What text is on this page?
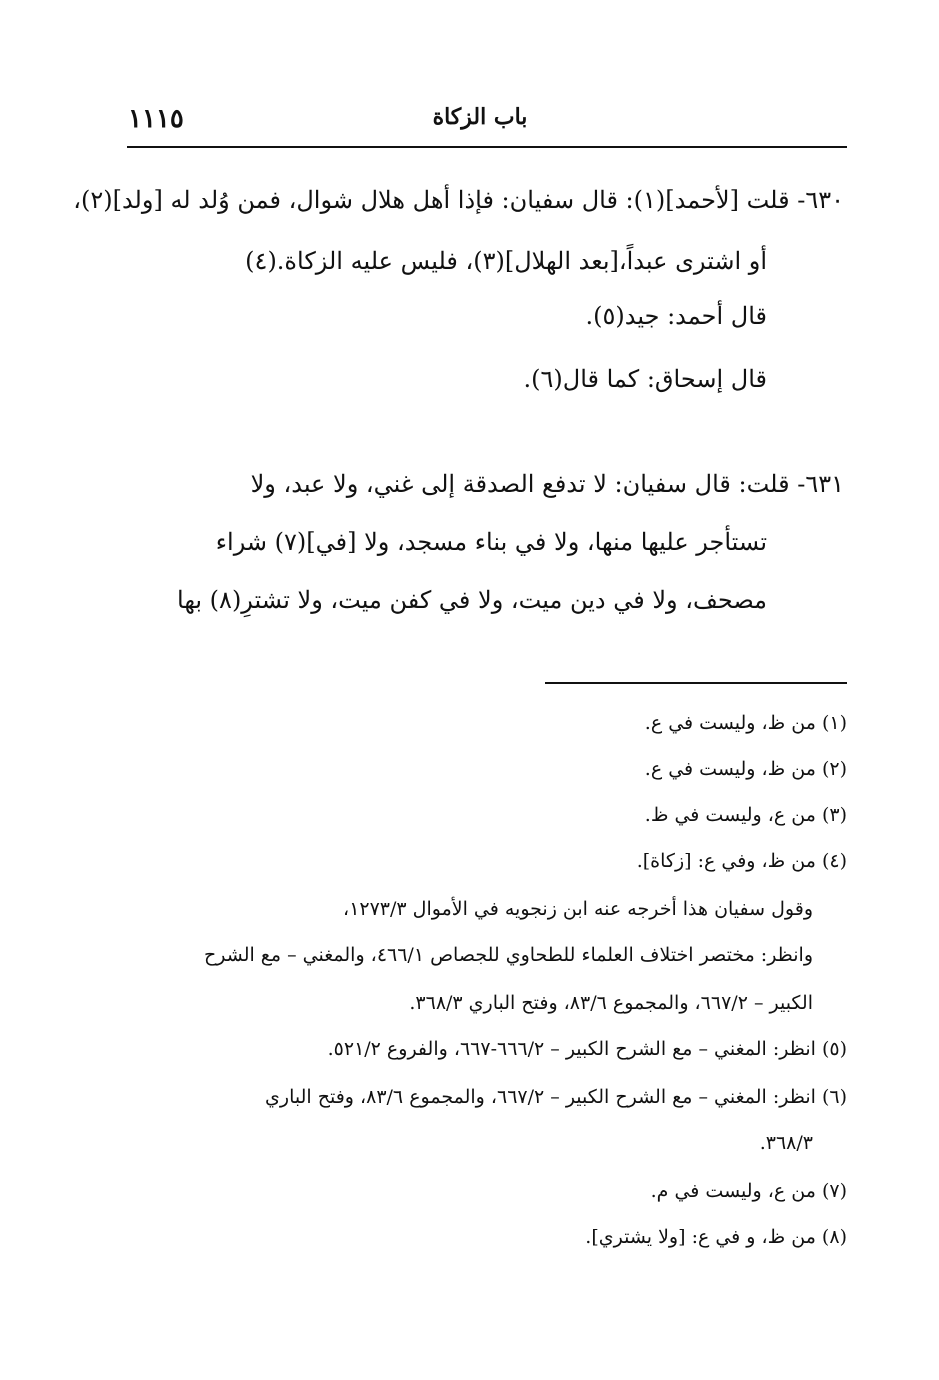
باب الزكاة
١١١٥
٦٣٠- قلت [لأحمد](١): قال سفيان: فإذا أهل هلال شوال، فمن وُلد له [ولد](٢)،
أو اشترى عبداً،[بعد الهلال](٣)، فليس عليه الزكاة.(٤)
قال أحمد: جيد(٥).
قال إسحاق: كما قال(٦).
٦٣١- قلت: قال سفيان: لا تدفع الصدقة إلى غني، ولا عبد، ولا
تستأجر عليها منها، ولا في بناء مسجد، ولا [في](٧) شراء
مصحف، ولا في دين ميت، ولا في كفن ميت، ولا تشترِ(٨) بها
(١) من ظ، وليست في ع.
(٢) من ظ، وليست في ع.
(٣) من ع، وليست في ظ.
(٤) من ظ، وفي ع: [زكاة].
وقول سفيان هذا أخرجه عنه ابن زنجويه في الأموال ١٢٧٣/٣،
وانظر: مختصر اختلاف العلماء للطحاوي للجصاص ٤٦٦/١، والمغني – مع الشرح
الكبير – ٦٦٧/٢، والمجموع ٨٣/٦، وفتح الباري ٣٦٨/٣.
(٥) انظر: المغني – مع الشرح الكبير – ٦٦٦/٢-٦٦٧، والفروع ٥٢١/٢.
(٦) انظر: المغني – مع الشرح الكبير – ٦٦٧/٢، والمجموع ٨٣/٦، وفتح الباري
٣٦٨/٣.
(٧) من ع، وليست في م.
(٨) من ظ، و في ع: [ولا يشتري].
